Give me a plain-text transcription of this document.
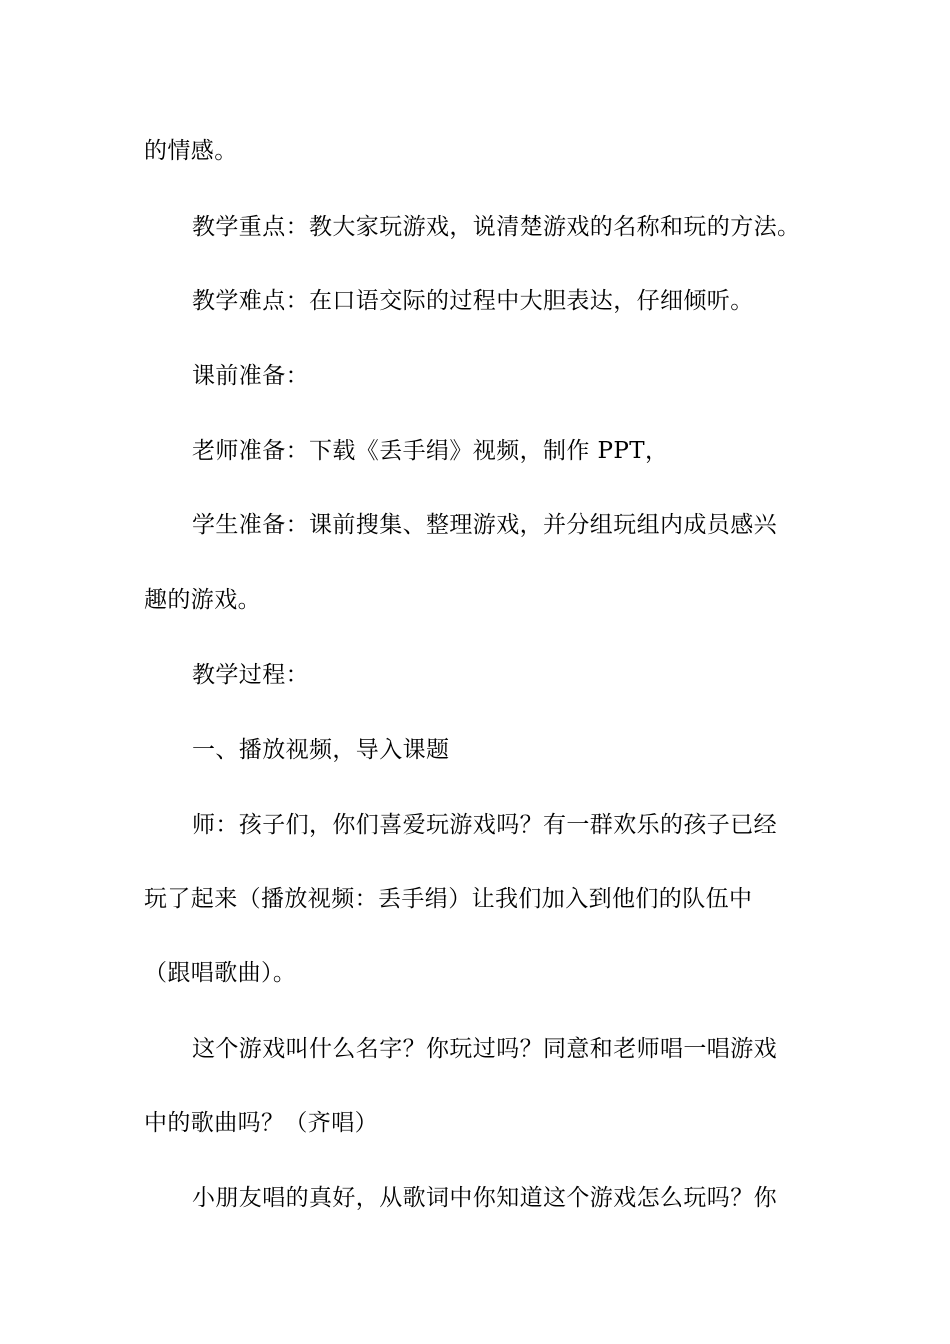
的情感。
教学重点：教大家玩游戏，说清楚游戏的名称和玩的方法。
教学难点：在口语交际的过程中大胆表达，仔细倾听。
课前准备：
老师准备：下载《丢手绢》视频，制作 PPT，
学生准备：课前搜集、整理游戏，并分组玩组内成员感兴
趣的游戏。
教学过程：
一、播放视频，导入课题
师：孩子们，你们喜爱玩游戏吗？有一群欢乐的孩子已经
玩了起来（播放视频：丢手绢）让我们加入到他们的队伍中
（跟唱歌曲）。
这个游戏叫什么名字？你玩过吗？同意和老师唱一唱游戏
中的歌曲吗？（齐唱）
小朋友唱的真好，从歌词中你知道这个游戏怎么玩吗？你
